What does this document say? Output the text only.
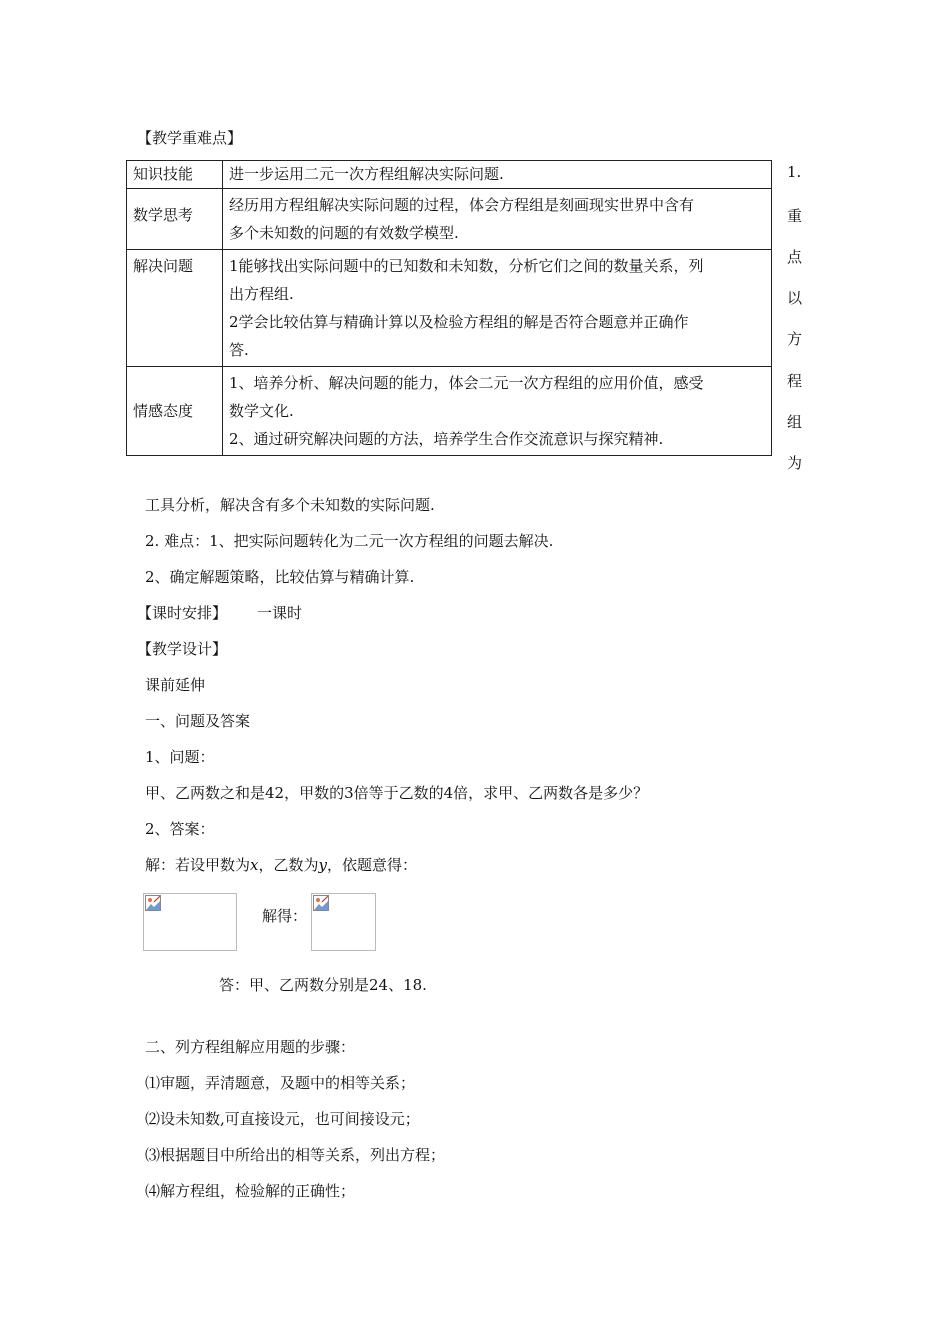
【教学重难点】
知识技能	进一步运用二元一次方程组解决实际问题.

数学思考	经历用方程组解决实际问题的过程，体会方程组是刻画现实世界中含有
多个未知数的问题的有效数学模型.

解决问题	1能够找出实际问题中的已知数和未知数，分析它们之间的数量关系，列
出方程组.
2学会比较估算与精确计算以及检验方程组的解是否符合题意并正确作
答.

情感态度	1、培养分析、解决问题的能力，体会二元一次方程组的应用价值，感受
数学文化.
2、通过研究解决问题的方法，培养学生合作交流意识与探究精神.
1.
重
点
以
方
程
组
为
工具分析，解决含有多个未知数的实际问题.
2. 难点：1、把实际问题转化为二元一次方程组的问题去解决.
2、确定解题策略，比较估算与精确计算.
【课时安排】 一课时
【教学设计】
课前延伸
一、问题及答案
1、问题：
甲、乙两数之和是42，甲数的3倍等于乙数的4倍，求甲、乙两数各是多少？
2、答案：
解：若设甲数为x，乙数为y，依题意得：
解得：
答：甲、乙两数分别是24、18.
二、列方程组解应用题的步骤：
⑴审题，弄清题意，及题中的相等关系；
⑵设未知数,可直接设元，也可间接设元；
⑶根据题目中所给出的相等关系，列出方程；
⑷解方程组，检验解的正确性；
